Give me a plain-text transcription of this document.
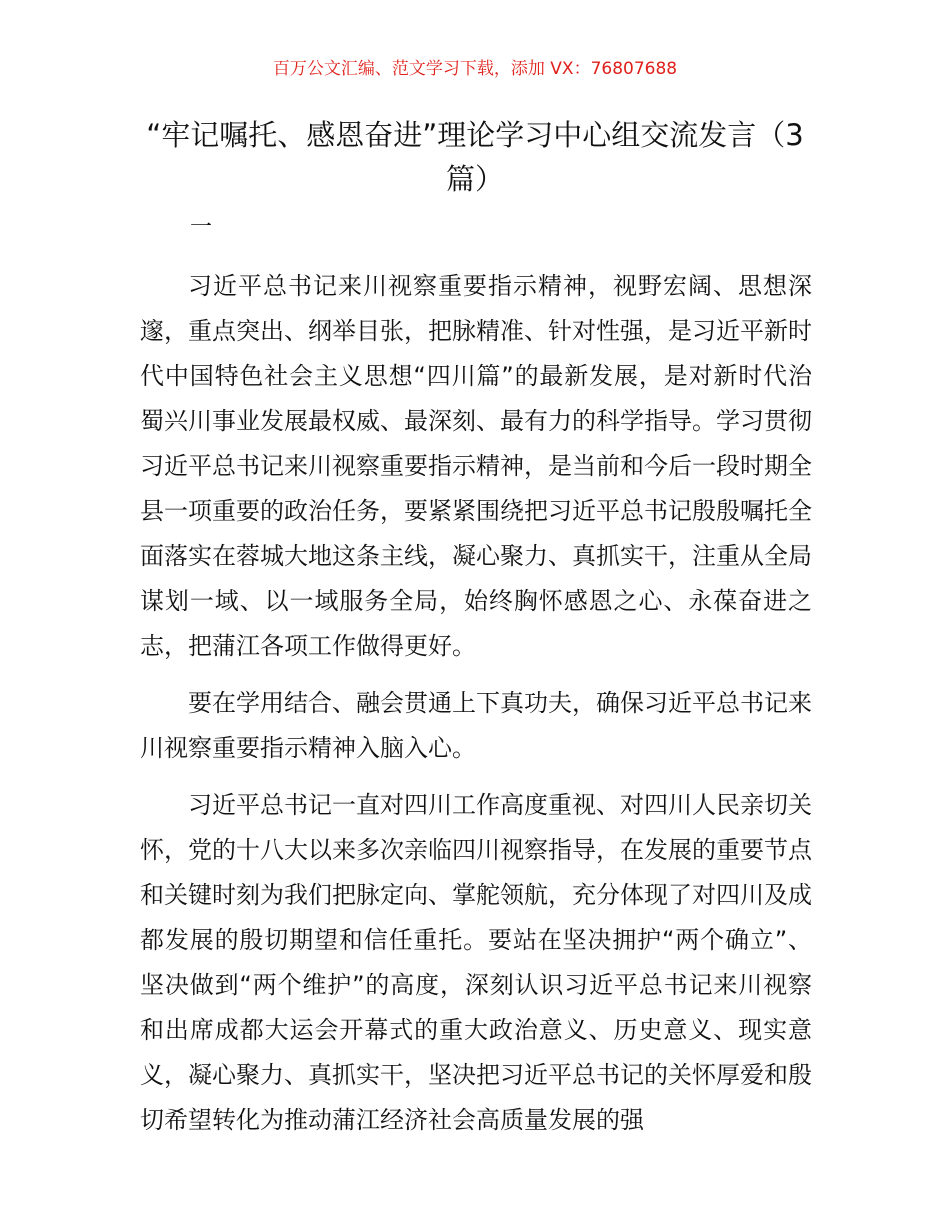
百万公文汇编、范文学习下载，添加 VX：76807688
“牢记嘱托、感恩奋进”理论学习中心组交流发言（3 篇）
一

习近平总书记来川视察重要指示精神，视野宏阔、思想深邃，重点突出、纲举目张，把脉精准、针对性强，是习近平新时代中国特色社会主义思想“四川篇”的最新发展，是对新时代治蜀兴川事业发展最权威、最深刻、最有力的科学指导。学习贯彻习近平总书记来川视察重要指示精神，是当前和今后一段时期全县一项重要的政治任务，要紧紧围绕把习近平总书记殷殷嘱托全面落实在蓉城大地这条主线，凝心聚力、真抓实干，注重从全局谋划一域、以一域服务全局，始终胸怀感恩之心、永葆奋进之志，把蒲江各项工作做得更好。

要在学用结合、融会贯通上下真功夫，确保习近平总书记来川视察重要指示精神入脑入心。

习近平总书记一直对四川工作高度重视、对四川人民亲切关怀，党的十八大以来多次亲临四川视察指导，在发展的重要节点和关键时刻为我们把脉定向、掌舵领航，充分体现了对四川及成都发展的殷切期望和信任重托。要站在坚决拥护“两个确立”、坚决做到“两个维护”的高度，深刻认识习近平总书记来川视察和出席成都大运会开幕式的重大政治意义、历史意义、现实意义，凝心聚力、真抓实干，坚决把习近平总书记的关怀厚爱和殷切希望转化为推动蒲江经济社会高质量发展的强
